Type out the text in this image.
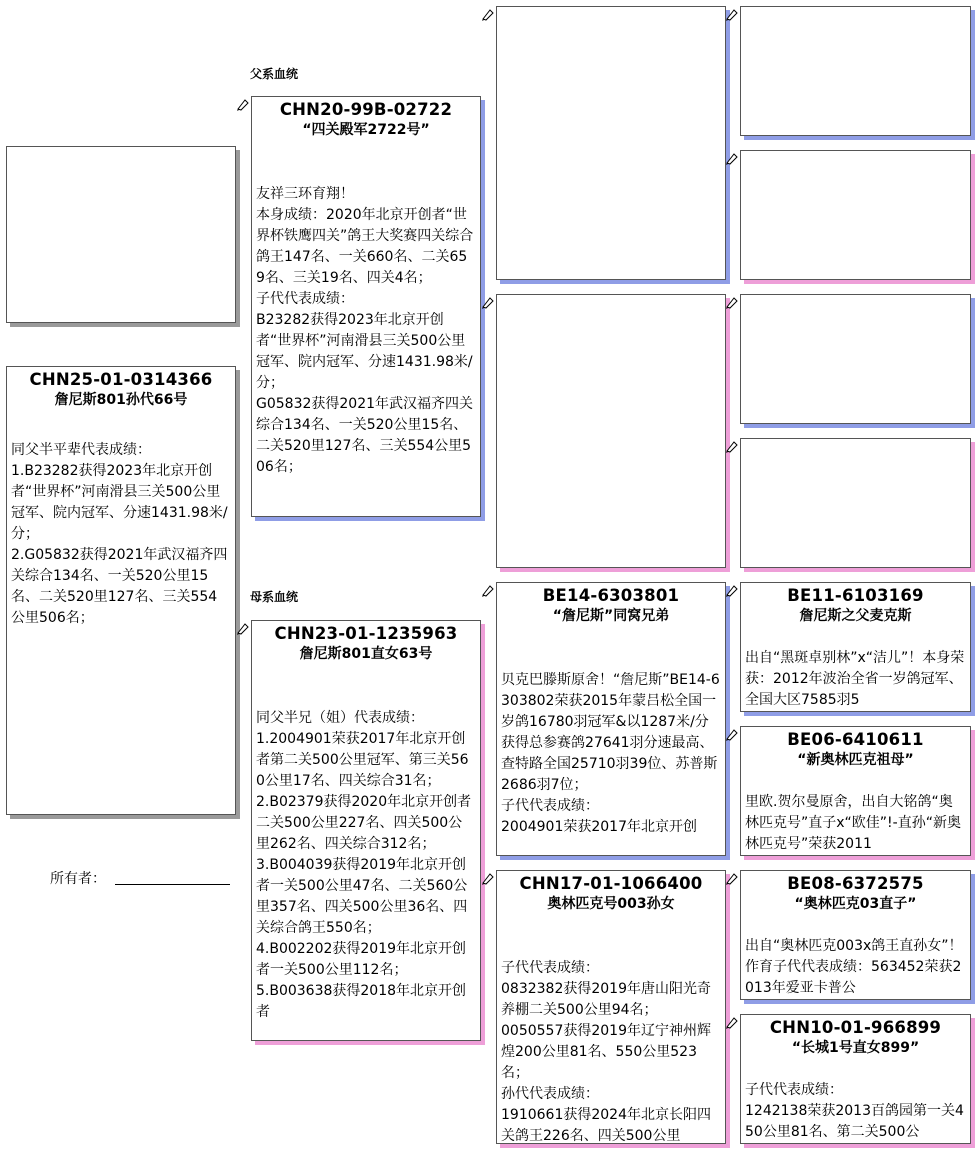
父系血统
母系血统
CHN25-01-0314366
詹尼斯801孙代66号
同父半平辈代表成绩：
1.B23282获得2023年北京开创者“世界杯”河南滑县三关500公里冠军、院内冠军、分速1431.98米/分；
2.G05832获得2021年武汉福齐四关综合134名、一关520公里15名、二关520里127名、三关554公里506名；
所有者：
CHN20-99B-02722
“四关殿军2722号”
友祥三环育翔！
本身成绩：2020年北京开创者“世界杯铁鹰四关”鸽王大奖赛四关综合鸽王147名、一关660名、二关659名、三关19名、四关4名；
子代代表成绩：
B23282获得2023年北京开创者“世界杯”河南滑县三关500公里冠军、院内冠军、分速1431.98米/分；
G05832获得2021年武汉福齐四关综合134名、一关520公里15名、二关520里127名、三关554公里506名；
CHN23-01-1235963
詹尼斯801直女63号
同父半兄（姐）代表成绩：
1.2004901荣获2017年北京开创者第二关500公里冠军、第三关560公里17名、四关综合31名；
2.B02379获得2020年北京开创者二关500公里227名、四关500公里262名、四关综合312名；
3.B004039获得2019年北京开创者一关500公里47名、二关560公里357名、四关500公里36名、四关综合鸽王550名；
4.B002202获得2019年北京开创者一关500公里112名；
5.B003638获得2018年北京开创者
BE14-6303801
“詹尼斯”同窝兄弟
贝克巴滕斯原舍！“詹尼斯”BE14-6303802荣获2015年蒙吕松全国一岁鸽16780羽冠军&以1287米/分获得总参赛鸽27641羽分速最高、查特路全国25710羽39位、苏普斯2686羽7位；
子代代表成绩：
2004901荣获2017年北京开创
CHN17-01-1066400
奥林匹克号003孙女
子代代表成绩：
0832382获得2019年唐山阳光奇养棚二关500公里94名；
0050557获得2019年辽宁神州辉煌200公里81名、550公里523名；
孙代代表成绩：
1910661获得2024年北京长阳四关鸽王226名、四关500公里
BE11-6103169
詹尼斯之父麦克斯
出自“黑斑卓别林”x“洁儿”！本身荣获：2012年波治全省一岁鸽冠军、全国大区7585羽5
BE06-6410611
“新奥林匹克祖母”
里欧.贺尔曼原舍，出自大铭鸽“奥林匹克号”直子x“欧佳”!-直孙“新奥林匹克号”荣获2011
BE08-6372575
“奥林匹克03直子”
出自“奥林匹克003x鸽王直孙女”！作育子代代表成绩：563452荣获2013年爱亚卡普公
CHN10-01-966899
“长城1号直女899”
子代代表成绩：
1242138荣获2013百鸽园第一关450公里81名、第二关500公
